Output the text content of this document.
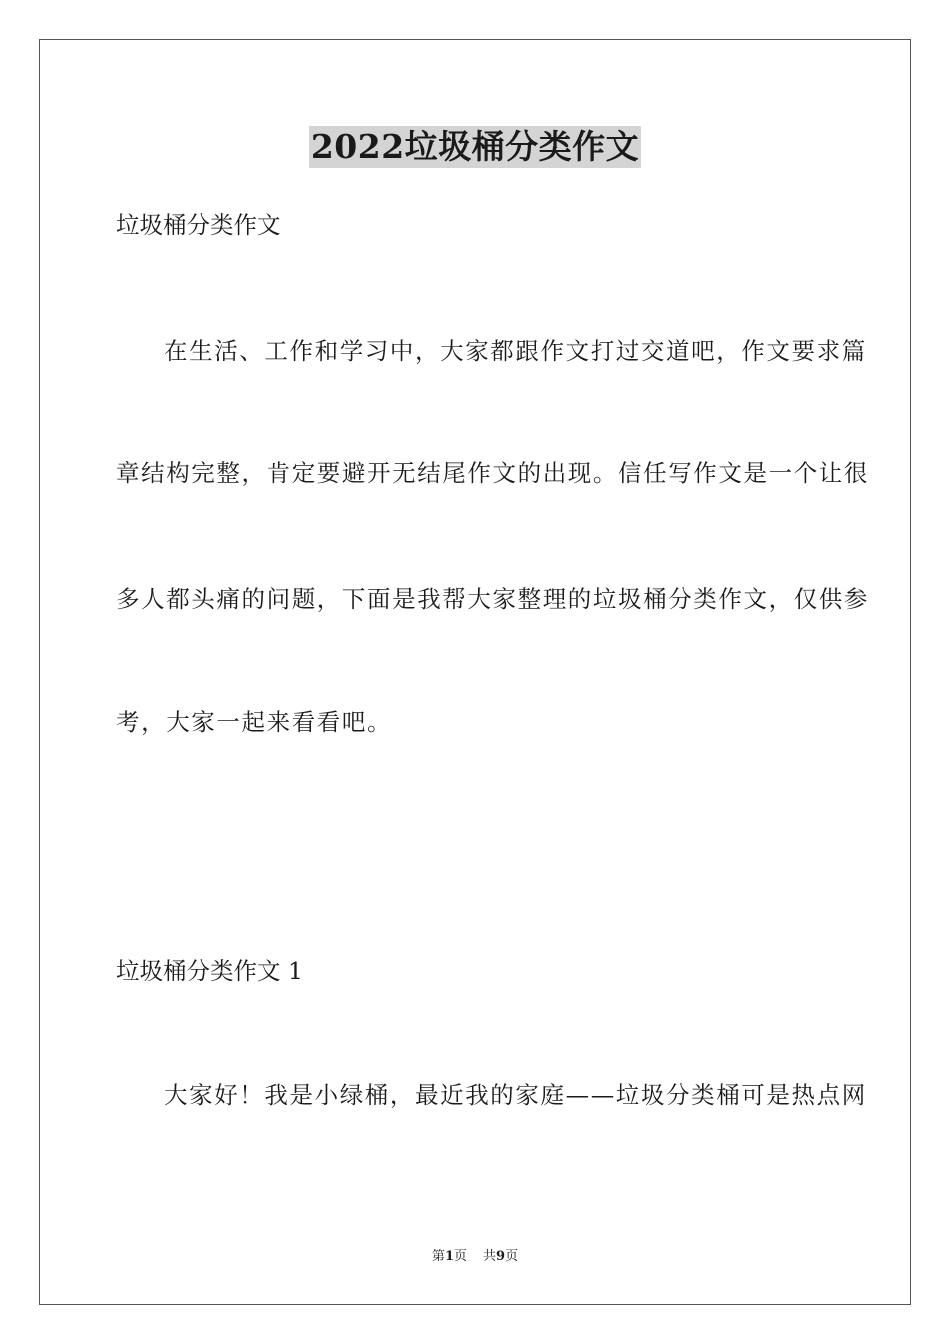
2022垃圾桶分类作文
垃圾桶分类作文
在生活、工作和学习中，大家都跟作文打过交道吧，作文要求篇
章结构完整，肯定要避开无结尾作文的出现。信任写作文是一个让很
多人都头痛的问题，下面是我帮大家整理的垃圾桶分类作文，仅供参
考，大家一起来看看吧。
垃圾桶分类作文 1
大家好！我是小绿桶，最近我的家庭——垃圾分类桶可是热点网
第1页 共9页
